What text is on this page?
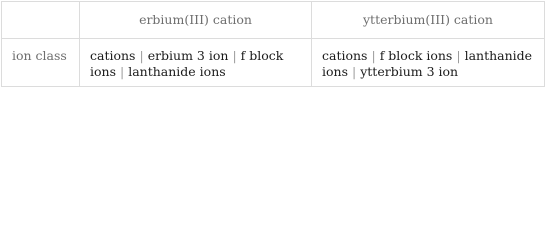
	erbium(III) cation	ytterbium(III) cation
ion class	cations | erbium 3 ion | f block ions | lanthanide ions	cations | f block ions | lanthanide ions | ytterbium 3 ion
